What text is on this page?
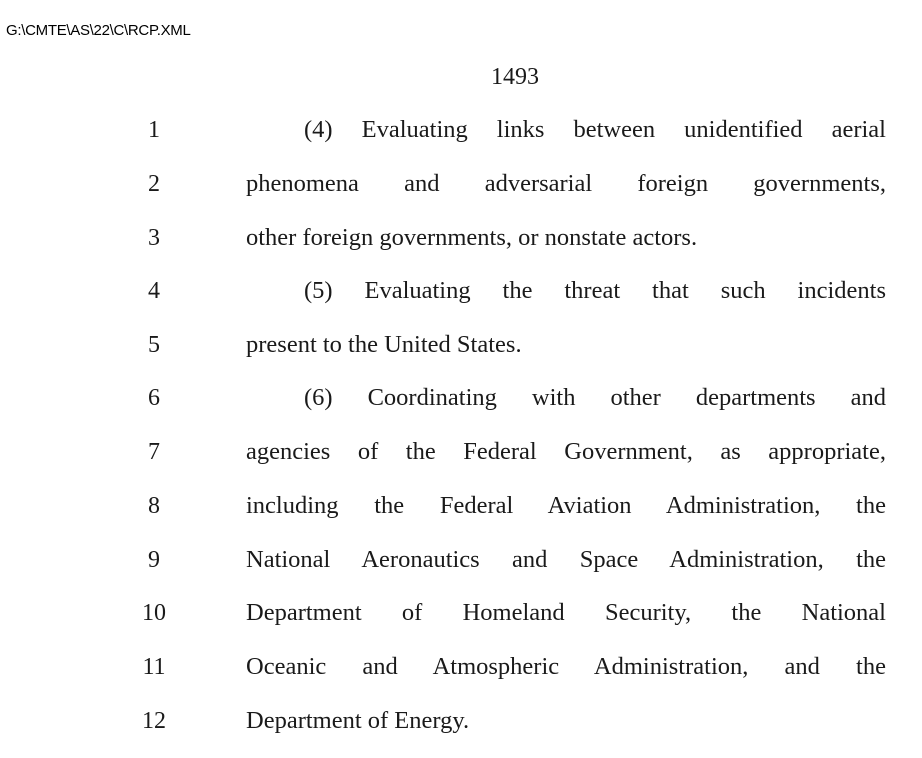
G:\CMTE\AS\22\C\RCP.XML
1493
1	(4) Evaluating links between unidentified aerial
2	phenomena and adversarial foreign governments,
3	other foreign governments, or nonstate actors.
4	(5) Evaluating the threat that such incidents
5	present to the United States.
6	(6) Coordinating with other departments and
7	agencies of the Federal Government, as appropriate,
8	including the Federal Aviation Administration, the
9	National Aeronautics and Space Administration, the
10	Department of Homeland Security, the National
11	Oceanic and Atmospheric Administration, and the
12	Department of Energy.
